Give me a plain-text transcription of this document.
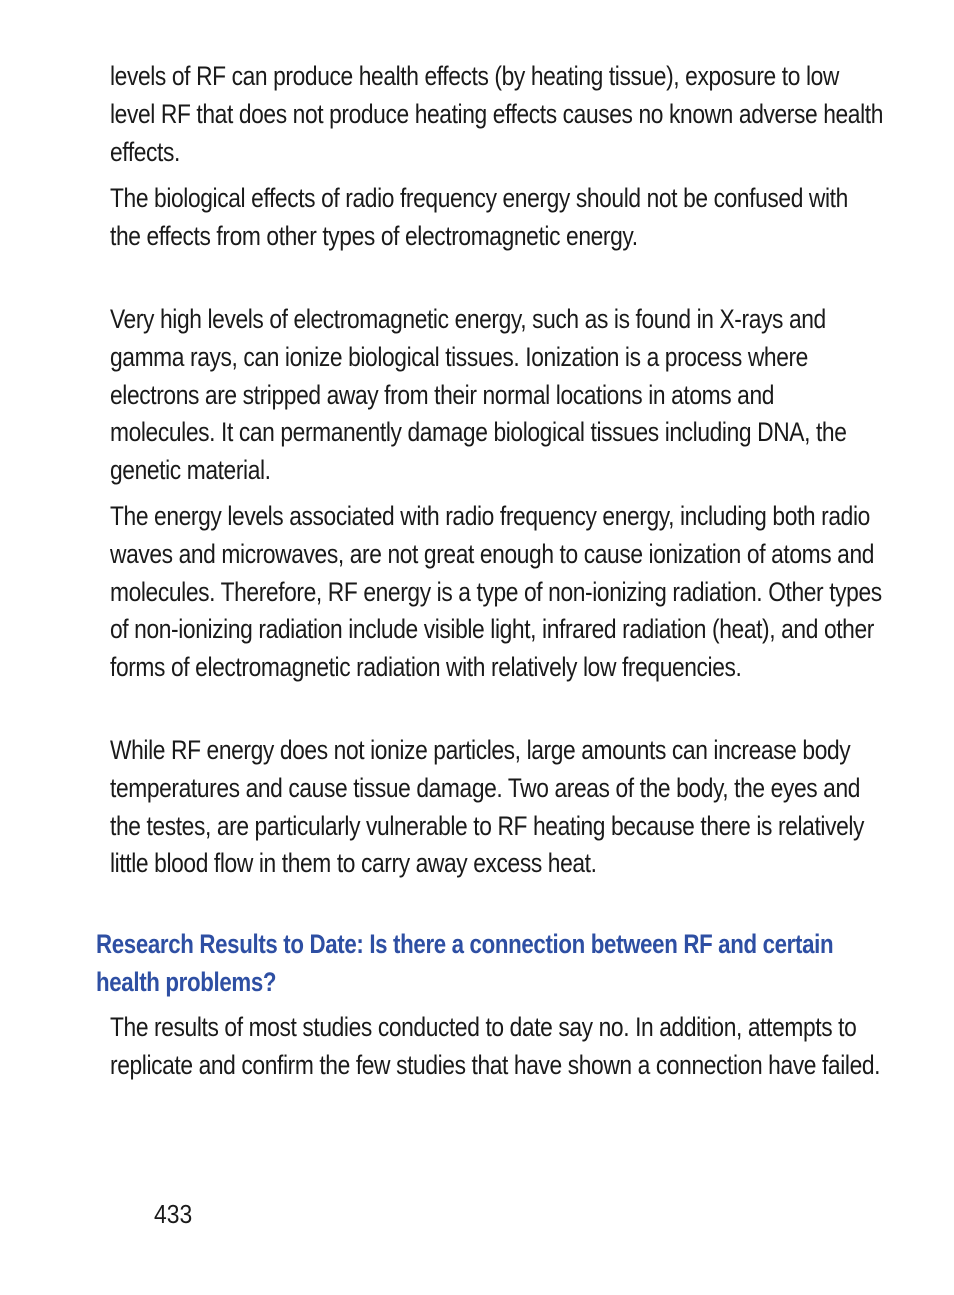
levels of RF can produce health effects (by heating tissue), exposure to low level RF that does not produce heating effects causes no known adverse health effects.

The biological effects of radio frequency energy should not be confused with the effects from other types of electromagnetic energy.

Very high levels of electromagnetic energy, such as is found in X-rays and gamma rays, can ionize biological tissues. Ionization is a process where electrons are stripped away from their normal locations in atoms and molecules. It can permanently damage biological tissues including DNA, the genetic material.

The energy levels associated with radio frequency energy, including both radio waves and microwaves, are not great enough to cause ionization of atoms and molecules. Therefore, RF energy is a type of non-ionizing radiation. Other types of non-ionizing radiation include visible light, infrared radiation (heat), and other forms of electromagnetic radiation with relatively low frequencies.

While RF energy does not ionize particles, large amounts can increase body temperatures and cause tissue damage. Two areas of the body, the eyes and the testes, are particularly vulnerable to RF heating because there is relatively little blood flow in them to carry away excess heat.

Research Results to Date: Is there a connection between RF and certain health problems?

The results of most studies conducted to date say no. In addition, attempts to replicate and confirm the few studies that have shown a connection have failed.

433
